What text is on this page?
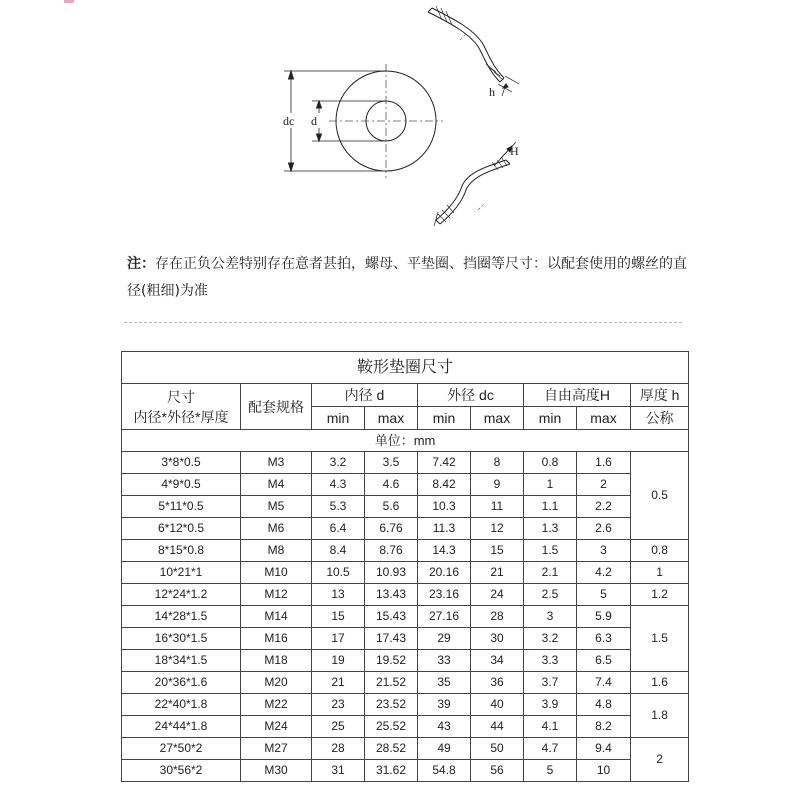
dc d
h
H
注：存在正负公差特别存在意者甚拍，螺母、平垫圈、挡圈等尺寸：以配套使用的螺丝的直径(粗细)为准
鞍形垫圈尺寸								
尺寸
内径*外径*厚度	配套规格	内径 d		外径 dc		自由高度H		厚度 h
		min	max	min	max	min	max	公称
单位：mm								
3*8*0.5	M3	3.2	3.5	7.42	8	0.8	1.6	0.5
4*9*0.5	M4	4.3	4.6	8.42	9	1	2	
5*11*0.5	M5	5.3	5.6	10.3	11	1.1	2.2	
6*12*0.5	M6	6.4	6.76	11.3	12	1.3	2.6	
8*15*0.8	M8	8.4	8.76	14.3	15	1.5	3	0.8
10*21*1	M10	10.5	10.93	20.16	21	2.1	4.2	1
12*24*1.2	M12	13	13.43	23.16	24	2.5	5	1.2
14*28*1.5	M14	15	15.43	27.16	28	3	5.9	1.5
16*30*1.5	M16	17	17.43	29	30	3.2	6.3	
18*34*1.5	M18	19	19.52	33	34	3.3	6.5	
20*36*1.6	M20	21	21.52	35	36	3.7	7.4	1.6
22*40*1.8	M22	23	23.52	39	40	3.9	4.8	1.8
24*44*1.8	M24	25	25.52	43	44	4.1	8.2	
27*50*2	M27	28	28.52	49	50	4.7	9.4	2
30*56*2	M30	31	31.62	54.8	56	5	10	
